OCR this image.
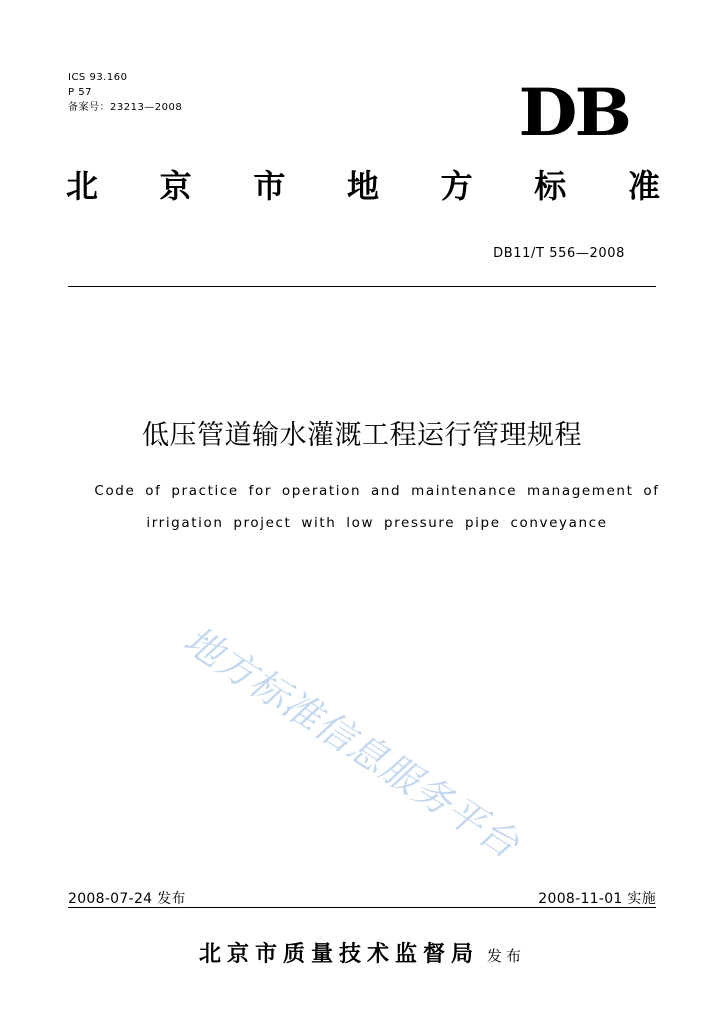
ICS 93.160
P 57
备案号：23213—2008	DB
北 京 市 地 方 标 准
DB11/T 556—2008
低压管道输水灌溉工程运行管理规程
Code of practice for operation and maintenance management of
irrigation project with low pressure pipe conveyance
地方标准信息服务平台
2008-07-24 发布	2008-11-01 实施
北京市质量技术监督局 发布
